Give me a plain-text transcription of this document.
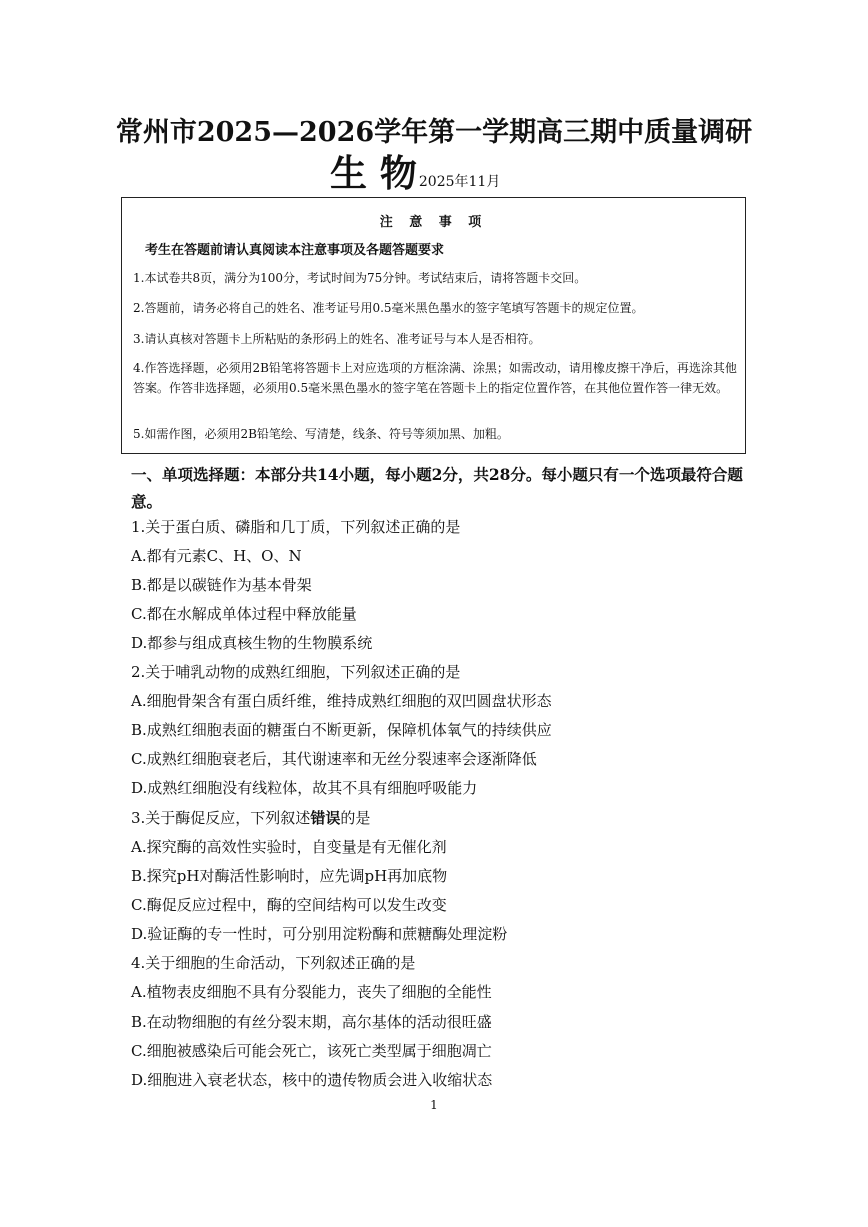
常州市2025—2026学年第一学期高三期中质量调研
生 物 2025年11月
注 意 事 项
考生在答题前请认真阅读本注意事项及各题答题要求
1.本试卷共8页，满分为100分，考试时间为75分钟。考试结束后，请将答题卡交回。
2.答题前，请务必将自己的姓名、准考证号用0.5毫米黑色墨水的签字笔填写答题卡的规定位置。
3.请认真核对答题卡上所粘贴的条形码上的姓名、准考证号与本人是否相符。
4.作答选择题，必须用2B铅笔将答题卡上对应选项的方框涂满、涂黑；如需改动，请用橡皮擦干净后，再选涂其他答案。作答非选择题，必须用0.5毫米黑色墨水的签字笔在答题卡上的指定位置作答，在其他位置作答一律无效。
5.如需作图，必须用2B铅笔绘、写清楚，线条、符号等须加黑、加粗。
一、单项选择题：本部分共14小题，每小题2分，共28分。每小题只有一个选项最符合题意。
1.关于蛋白质、磷脂和几丁质，下列叙述正确的是
A.都有元素C、H、O、N
B.都是以碳链作为基本骨架
C.都在水解成单体过程中释放能量
D.都参与组成真核生物的生物膜系统
2.关于哺乳动物的成熟红细胞，下列叙述正确的是
A.细胞骨架含有蛋白质纤维，维持成熟红细胞的双凹圆盘状形态
B.成熟红细胞表面的糖蛋白不断更新，保障机体氧气的持续供应
C.成熟红细胞衰老后，其代谢速率和无丝分裂速率会逐渐降低
D.成熟红细胞没有线粒体，故其不具有细胞呼吸能力
3.关于酶促反应，下列叙述错误的是
A.探究酶的高效性实验时，自变量是有无催化剂
B.探究pH对酶活性影响时，应先调pH再加底物
C.酶促反应过程中，酶的空间结构可以发生改变
D.验证酶的专一性时，可分别用淀粉酶和蔗糖酶处理淀粉
4.关于细胞的生命活动，下列叙述正确的是
A.植物表皮细胞不具有分裂能力，丧失了细胞的全能性
B.在动物细胞的有丝分裂末期，高尔基体的活动很旺盛
C.细胞被感染后可能会死亡，该死亡类型属于细胞凋亡
D.细胞进入衰老状态，核中的遗传物质会进入收缩状态
1
